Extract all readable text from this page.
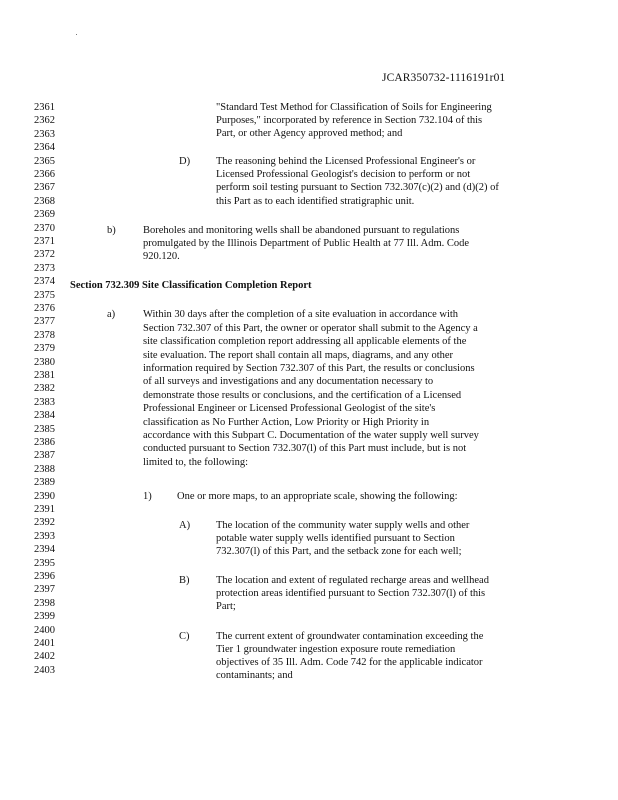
JCAR350732-1116191r01
2361
2362
2363
2364
2365
2366
2367
2368
2369
2370
2371
2372
2373
2374
2375
2376
2377
2378
2379
2380
2381
2382
2383
2384
2385
2386
2387
2388
2389
2390
2391
2392
2393
2394
2395
2396
2397
2398
2399
2400
2401
2402
2403
"Standard Test Method for Classification of Soils for Engineering
Purposes," incorporated by reference in Section 732.104 of this
Part, or other Agency approved method; and
D) The reasoning behind the Licensed Professional Engineer's or
Licensed Professional Geologist's decision to perform or not
perform soil testing pursuant to Section 732.307(c)(2) and (d)(2) of
this Part as to each identified stratigraphic unit.
b)	Boreholes and monitoring wells shall be abandoned pursuant to regulations
promulgated by the Illinois Department of Public Health at 77 Ill. Adm. Code
920.120.
Section 732.309 Site Classification Completion Report
a)	Within 30 days after the completion of a site evaluation in accordance with
Section 732.307 of this Part, the owner or operator shall submit to the Agency a
site classification completion report addressing all applicable elements of the
site evaluation. The report shall contain all maps, diagrams, and any other
information required by Section 732.307 of this Part, the results or conclusions
of all surveys and investigations and any documentation necessary to
demonstrate those results or conclusions, and the certification of a Licensed
Professional Engineer or Licensed Professional Geologist of the site's
classification as No Further Action, Low Priority or High Priority in
accordance with this Subpart C. Documentation of the water supply well survey
conducted pursuant to Section 732.307(l) of this Part must include, but is not
limited to, the following:
1) One or more maps, to an appropriate scale, showing the following:
A) The location of the community water supply wells and other
potable water supply wells identified pursuant to Section
732.307(l) of this Part, and the setback zone for each well;
B)	The location and extent of regulated recharge areas and wellhead
protection areas identified pursuant to Section 732.307(l) of this
Part;
C)	The current extent of groundwater contamination exceeding the
Tier 1 groundwater ingestion exposure route remediation
objectives of 35 Ill. Adm. Code 742 for the applicable indicator
contaminants; and
